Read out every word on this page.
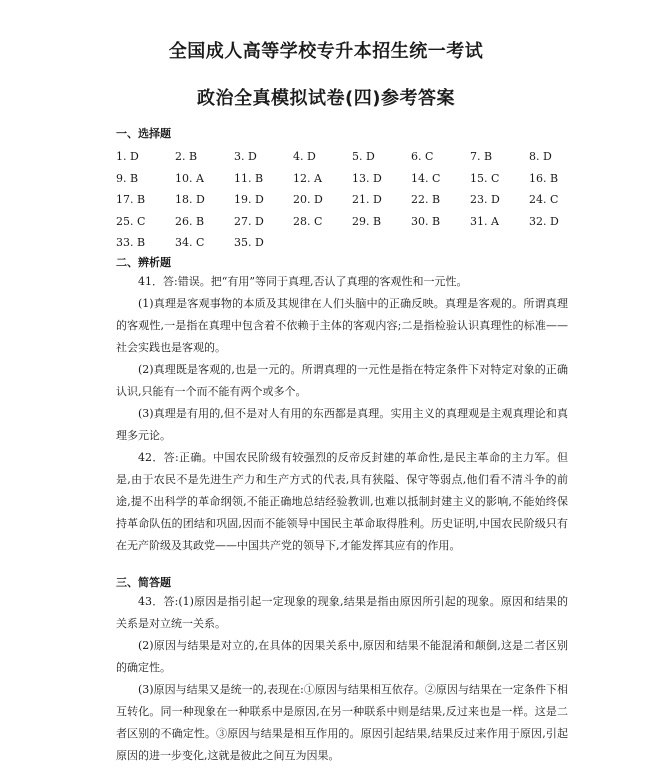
全国成人高等学校专升本招生统一考试
政治全真模拟试卷(四)参考答案
一、选择题
1. D	2. B	3. D	4. D	5. D	6. C	7. B	8. D
9. B	10. A	11. B	12. A	13. D	14. C	15. C	16. B
17. B	18. D	19. D	20. D	21. D	22. B	23. D	24. C
25. C	26. B	27. D	28. C	29. B	30. B	31. A	32. D
33. B	34. C	35. D
二、辨析题

41．答:错误。把“有用”等同于真理,否认了真理的客观性和一元性。

(1)真理是客观事物的本质及其规律在人们头脑中的正确反映。真理是客观的。所谓真理的客观性,一是指在真理中包含着不依赖于主体的客观内容;二是指检验认识真理性的标准——社会实践也是客观的。

(2)真理既是客观的,也是一元的。所谓真理的一元性是指在特定条件下对特定对象的正确认识,只能有一个而不能有两个或多个。

(3)真理是有用的,但不是对人有用的东西都是真理。实用主义的真理观是主观真理论和真理多元论。

42．答:正确。中国农民阶级有较强烈的反帝反封建的革命性,是民主革命的主力军。但是,由于农民不是先进生产力和生产方式的代表,具有狭隘、保守等弱点,他们看不清斗争的前途,提不出科学的革命纲领,不能正确地总结经验教训,也难以抵制封建主义的影响,不能始终保持革命队伍的团结和巩固,因而不能领导中国民主革命取得胜利。历史证明,中国农民阶级只有在无产阶级及其政党——中国共产党的领导下,才能发挥其应有的作用。

三、简答题

43．答:(1)原因是指引起一定现象的现象,结果是指由原因所引起的现象。原因和结果的关系是对立统一关系。

(2)原因与结果是对立的,在具体的因果关系中,原因和结果不能混淆和颠倒,这是二者区别的确定性。

(3)原因与结果又是统一的,表现在:①原因与结果相互依存。②原因与结果在一定条件下相互转化。同一种现象在一种联系中是原因,在另一种联系中则是结果,反过来也是一样。这是二者区别的不确定性。③原因与结果是相互作用的。原因引起结果,结果反过来作用于原因,引起原因的进一步变化,这就是彼此之间互为因果。
